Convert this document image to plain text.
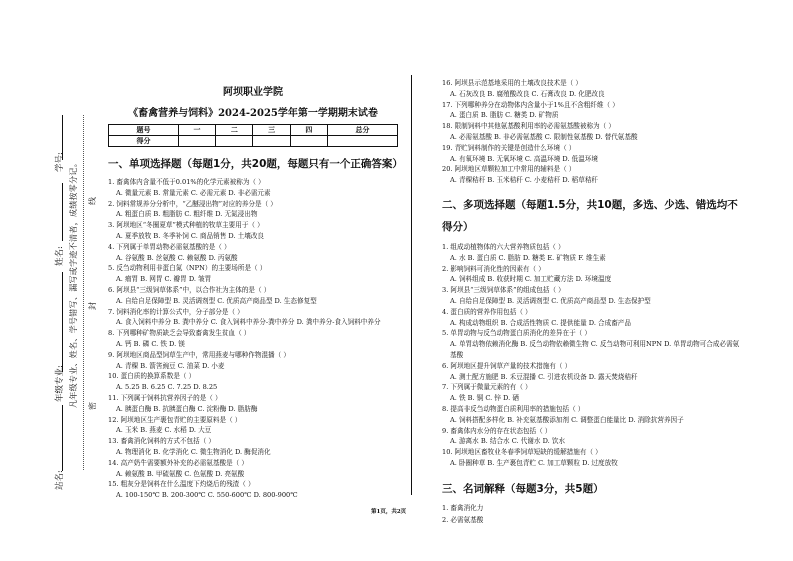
学号:
姓名:
年级专业:
站名:
凡年级专业、姓名、学号错写、漏写或字迹不清者，成绩按零分记。 密
封
线
阿坝职业学院
《畜禽营养与饲料》2024-2025学年第一学期期末试卷
题号	一	二	三	四	总分
得分					
一、单项选择题（每题1分，共20题，每题只有一个正确答案）
1. 畜禽体内含量不低于0.01%的化学元素被称为（ ）
A. 微量元素 B. 常量元素 C. 必需元素 D. 非必需元素
2. 饲料常规养分分析中，“乙醚浸出物”对应的养分是（ ）
A. 粗蛋白质 B. 粗脂肪 C. 粗纤维 D. 无氮浸出物
3. 阿坝地区“冬圈夏草”模式种植的牧草主要用于（ ）
A. 夏季放牧 B. 冬季补饲 C. 商品销售 D. 土壤改良
4. 下列属于单胃动物必需氨基酸的是（ ）
A. 谷氨酸 B. 丝氨酸 C. 赖氨酸 D. 丙氨酸
5. 反刍动物利用非蛋白氮（NPN）的主要场所是（ ）
A. 瘤胃 B. 网胃 C. 瓣胃 D. 皱胃
6. 阿坝县“三级饲草体系”中，以合作社为主体的是（ ）
A. 自给自足保障型 B. 灵活调剂型 C. 优质高产商品型 D. 生态修复型
7. 饲料消化率的计算公式中，分子部分是（ ）
A. 食入饲料中养分 B. 粪中养分 C. 食入饲料中养分-粪中养分 D. 粪中养分-食入饲料中养分
8. 下列哪种矿物质缺乏会导致畜禽发生贫血（ ）
A. 钙 B. 磷 C. 铁 D. 镁
9. 阿坝地区商品型饲草生产中，常用燕麦与哪种作物混播（ ）
A. 青稞 B. 箭筈豌豆 C. 油菜 D. 小麦
10. 蛋白质的换算系数是（ ）
A. 5.25 B. 6.25 C. 7.25 D. 8.25
11. 下列属于饲料抗营养因子的是（ ）
A. 胰蛋白酶 B. 抗胰蛋白酶 C. 淀粉酶 D. 脂肪酶
12. 阿坝地区生产裹包青贮的主要原料是（ ）
A. 玉米 B. 燕麦 C. 水稻 D. 大豆
13. 畜禽消化饲料的方式不包括（ ）
A. 物理消化 B. 化学消化 C. 微生物消化 D. 酶促消化
14. 高产奶牛需要额外补充的必需氨基酸是（ ）
A. 赖氨酸 B. 甲硫氨酸 C. 色氨酸 D. 亮氨酸
15. 粗灰分是饲料在什么温度下灼烧后的残渣（ ）
A. 100-150℃ B. 200-300℃ C. 550-600℃ D. 800-900℃
16. 阿坝县示范基地采用的土壤改良技术是（ ）
A. 石灰改良 B. 腐殖酸改良 C. 石膏改良 D. 化肥改良
17. 下列哪种养分在动物体内含量小于1%且不含粗纤维（ ）
A. 蛋白质 B. 脂肪 C. 糖类 D. 矿物质
18. 限制饲料中其他氨基酸利用率的必需氨基酸被称为（ ）
A. 必需氨基酸 B. 非必需氨基酸 C. 限制性氨基酸 D. 替代氨基酸
19. 青贮饲料制作的关键是创造什么环境（ ）
A. 有氧环境 B. 无氧环境 C. 高温环境 D. 低温环境
20. 阿坝地区草颗粒加工中常用的辅料是（ ）
A. 青稞秸秆 B. 玉米秸秆 C. 小麦秸秆 D. 稻草秸秆
二、多项选择题（每题1.5分，共10题，多选、少选、错选均不得分）
1. 组成动植物体的六大营养物质包括（ ）
A. 水 B. 蛋白质 C. 脂肪 D. 糖类 E. 矿物质 F. 维生素
2. 影响饲料可消化性的因素有（ ）
A. 饲料组成 B. 收获时期 C. 加工贮藏方法 D. 环境温度
3. 阿坝县“三级饲草体系”的组成包括（ ）
A. 自给自足保障型 B. 灵活调剂型 C. 优质高产商品型 D. 生态保护型
4. 蛋白质的营养作用包括（ ）
A. 构成动物组织 B. 合成活性物质 C. 提供能量 D. 合成畜产品
5. 单胃动物与反刍动物蛋白质消化的差异在于（ ）
A. 单胃动物依赖消化酶 B. 反刍动物依赖微生物 C. 反刍动物可利用NPN D. 单胃动物可合成必需氨基酸
6. 阿坝地区提升饲草产量的技术措施有（ ）
A. 测土配方施肥 B. 禾豆混播 C. 引进农机设备 D. 露天焚烧秸秆
7. 下列属于微量元素的有（ ）
A. 铁 B. 铜 C. 锌 D. 硒
8. 提高非反刍动物蛋白质利用率的措施包括（ ）
A. 饲料搭配多样化 B. 补充氨基酸添加剂 C. 调整蛋白能量比 D. 消除抗营养因子
9. 畜禽体内水分的存在状态包括（ ）
A. 游离水 B. 结合水 C. 代谢水 D. 饮水
10. 阿坝地区畜牧业冬春季饲草短缺的缓解措施有（ ）
A. 卧圈种草 B. 生产裹包青贮 C. 加工草颗粒 D. 过度放牧
三、名词解释（每题3分，共5题）
1. 畜禽消化力
2. 必需氨基酸
第1页，共2页
